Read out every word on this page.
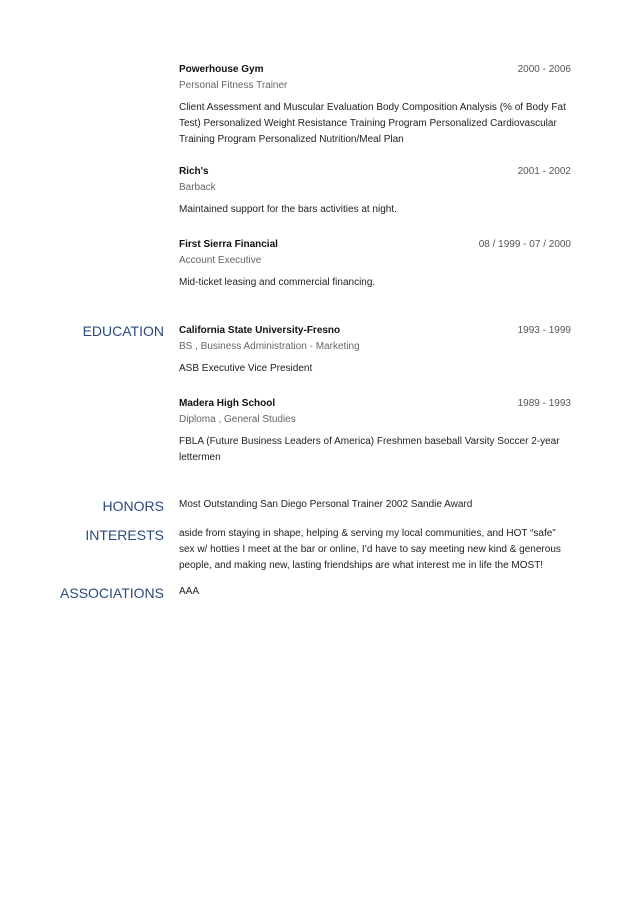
Powerhouse Gym	2000 - 2006
Personal Fitness Trainer
Client Assessment and Muscular Evaluation Body Composition Analysis (% of Body Fat Test) Personalized Weight Resistance Training Program Personalized Cardiovascular Training Program Personalized Nutrition/Meal Plan
Rich's	2001 - 2002
Barback
Maintained support for the bars activities at night.
First Sierra Financial	08 / 1999 - 07 / 2000
Account Executive
Mid-ticket leasing and commercial financing.
EDUCATION California State University-Fresno	1993 - 1999
BS , Business Administration - Marketing
ASB Executive Vice President
Madera High School	1989 - 1993
Diploma , General Studies
FBLA (Future Business Leaders of America) Freshmen baseball Varsity Soccer 2-year lettermen
HONORS Most Outstanding San Diego Personal Trainer 2002 Sandie Award
INTERESTS aside from staying in shape, helping & serving my local communities, and HOT “safe” sex w/ hotties I meet at the bar or online, I’d have to say meeting new kind & generous people, and making new, lasting friendships are what interest me in life the MOST!
ASSOCIATIONS AAA
